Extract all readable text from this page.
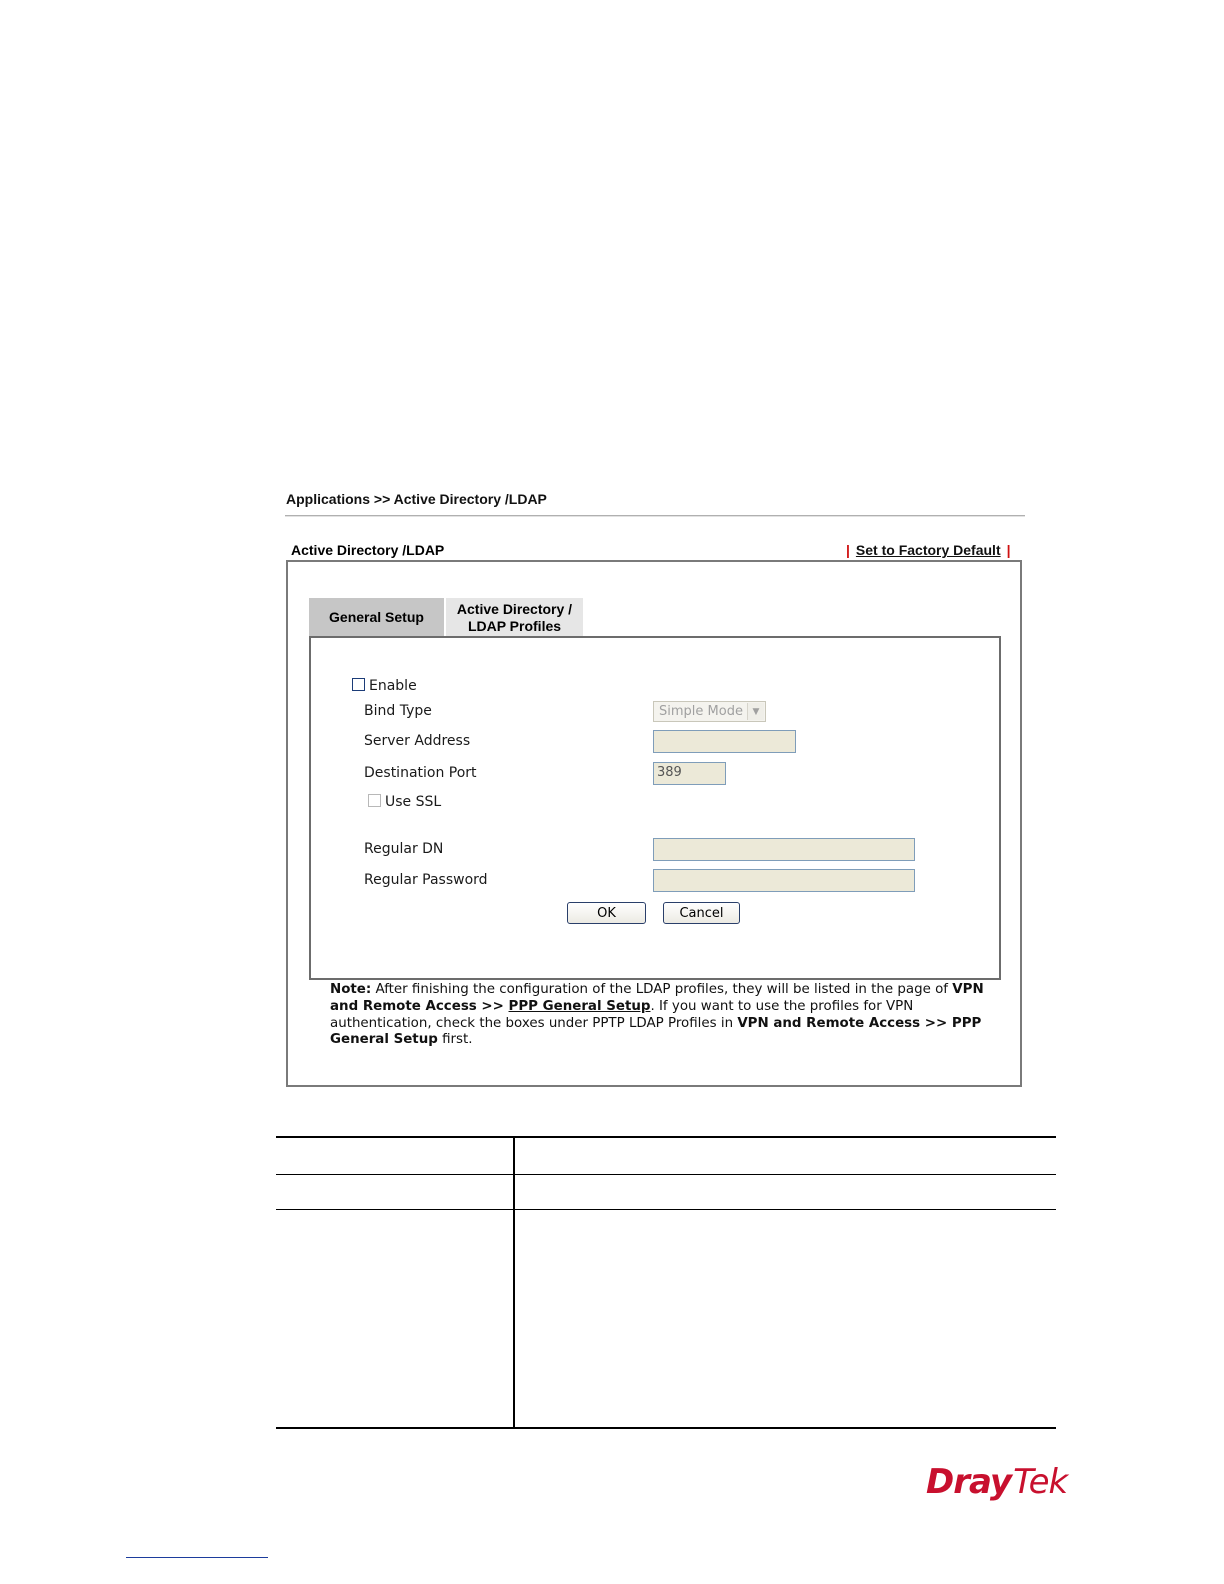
Applications >> Active Directory /LDAP
Active Directory /LDAP	| Set to Factory Default |
General Setup
Active Directory /
LDAP Profiles
Enable
Bind Type	Simple Mode	▼
Server Address
Destination Port	389
Use SSL
Regular DN
Regular Password
OK	Cancel
Note: After finishing the configuration of the LDAP profiles, they will be listed in the page of VPN and Remote Access >> PPP General Setup. If you want to use the profiles for VPN authentication, check the boxes under PPTP LDAP Profiles in VPN and Remote Access >> PPP General Setup first.
DrayTek
